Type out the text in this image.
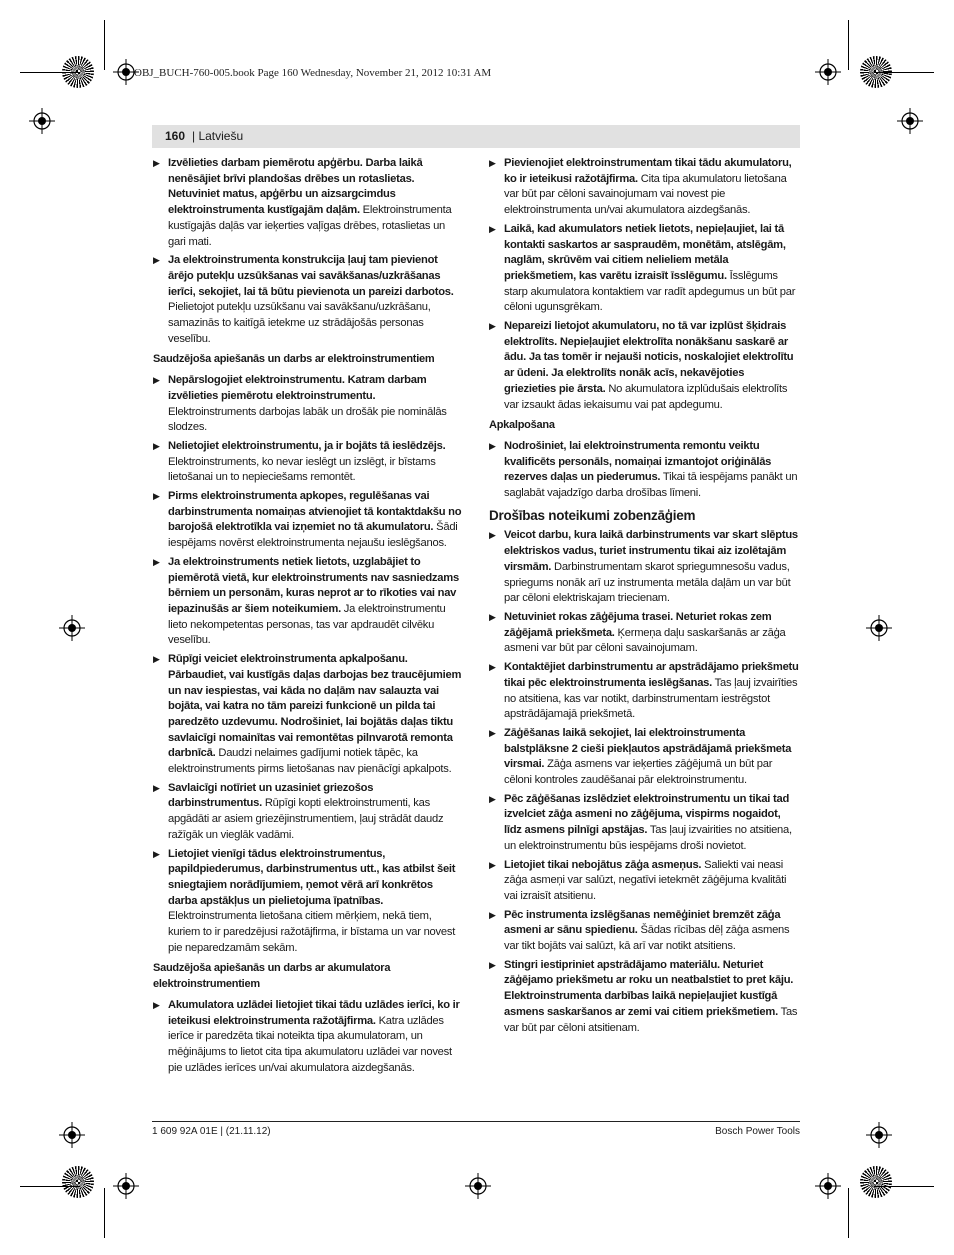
OBJ_BUCH-760-005.book Page 160 Wednesday, November 21, 2012 10:31 AM
160 | Latviešu
▶ Izvēlieties darbam piemērotu apģērbu. Darba laikā nenēsājiet brīvi plandošas drēbes un rotaslietas. Netuviniet matus, apģērbu un aizsargcimdus elektroinstrumenta kustīgajām daļām. Elektroinstrumenta kustīgajās daļās var ieķerties vaļīgas drēbes, rotaslietas un gari mati.
▶ Ja elektroinstrumenta konstrukcija ļauj tam pievienot ārējo putekļu uzsūkšanas vai savākšanas/uzkrāšanas ierīci, sekojiet, lai tā būtu pievienota un pareizi darbotos. Pielietojot putekļu uzsūkšanu vai savākšanu/uzkrāšanu, samazinās to kaitīgā ietekme uz strādājošās personas veselību.
Saudzējoša apiešanās un darbs ar elektroinstrumentiem
▶ Nepārslogojiet elektroinstrumentu. Katram darbam izvēlieties piemērotu elektroinstrumentu. Elektroinstruments darbojas labāk un drošāk pie nominālās slodzes.
▶ Nelietojiet elektroinstrumentu, ja ir bojāts tā ieslēdzējs. Elektroinstruments, ko nevar ieslēgt un izslēgt, ir bīstams lietošanai un to nepieciešams remontēt.
▶ Pirms elektroinstrumenta apkopes, regulēšanas vai darbinstrumenta nomaiņas atvienojiet tā kontaktdakšu no barojošā elektrotīkla vai izņemiet no tā akumulatoru. Šādi iespējams novērst elektroinstrumenta nejaušu ieslēgšanos.
▶ Ja elektroinstruments netiek lietots, uzglabājiet to piemērotā vietā, kur elektroinstruments nav sasniedzams bērniem un personām, kuras neprot ar to rīkoties vai nav iepazinušās ar šiem noteikumiem. Ja elektroinstrumentu lieto nekompetentas personas, tas var apdraudēt cilvēku veselību.
▶ Rūpīgi veiciet elektroinstrumenta apkalpošanu. Pārbaudiet, vai kustīgās daļas darbojas bez traucējumiem un nav iespiestas, vai kāda no daļām nav salauzta vai bojāta, vai katra no tām pareizi funkcionē un pilda tai paredzēto uzdevumu. Nodrošiniet, lai bojātās daļas tiktu savlaicīgi nomainītas vai remontētas pilnvarotā remonta darbnīcā. Daudzi nelaimes gadījumi notiek tāpēc, ka elektroinstruments pirms lietošanas nav pienācīgi apkalpots.
▶ Savlaicīgi notīriet un uzasiniet griezošos darbinstrumentus. Rūpīgi kopti elektroinstrumenti, kas apgādāti ar asiem griezējinstrumentiem, ļauj strādāt daudz ražīgāk un vieglāk vadāmi.
▶ Lietojiet vienīgi tādus elektroinstrumentus, papildpiederumus, darbinstrumentus utt., kas atbilst šeit sniegtajiem norādījumiem, ņemot vērā arī konkrētos darba apstākļus un pielietojuma īpatnības. Elektroinstrumenta lietošana citiem mērķiem, nekā tiem, kuriem to ir paredzējusi ražotājfirma, ir bīstama un var novest pie neparedzamām sekām.
Saudzējoša apiešanās un darbs ar akumulatora elektroinstrumentiem
▶ Akumulatora uzlādei lietojiet tikai tādu uzlādes ierīci, ko ir ieteikusi elektroinstrumenta ražotājfirma. Katra uzlādes ierīce ir paredzēta tikai noteikta tipa akumulatoram, un mēģinājums to lietot cita tipa akumulatoru uzlādei var novest pie uzlādes ierīces un/vai akumulatora aizdegšanās.
▶ Pievienojiet elektroinstrumentam tikai tādu akumulatoru, ko ir ieteikusi ražotājfirma. Cita tipa akumulatoru lietošana var būt par cēloni savainojumam vai novest pie elektroinstrumenta un/vai akumulatora aizdegšanās.
▶ Laikā, kad akumulators netiek lietots, nepieļaujiet, lai tā kontakti saskartos ar saspraudēm, monētām, atslēgām, naglām, skrūvēm vai citiem nelieliem metāla priekšmetiem, kas varētu izraisīt īsslēgumu. Īsslēgums starp akumulatora kontaktiem var radīt apdegumus un būt par cēloni ugunsgrēkam.
▶ Nepareizi lietojot akumulatoru, no tā var izplūst šķidrais elektrolīts. Nepieļaujiet elektrolīta nonākšanu saskarē ar ādu. Ja tas tomēr ir nejauši noticis, noskalojiet elektrolītu ar ūdeni. Ja elektrolīts nonāk acīs, nekavējoties griezieties pie ārsta. No akumulatora izplūdušais elektrolīts var izsaukt ādas iekaisumu vai pat apdegumu.
Apkalpošana
▶ Nodrošiniet, lai elektroinstrumenta remontu veiktu kvalificēts personāls, nomaiņai izmantojot oriģinālās rezerves daļas un piederumus. Tikai tā iespējams panākt un saglabāt vajadzīgo darba drošības līmeni.
Drošības noteikumi zobenzāģiem
▶ Veicot darbu, kura laikā darbinstruments var skart slēptus elektriskos vadus, turiet instrumentu tikai aiz izolētajām virsmām. Darbinstrumentam skarot spriegumnesošu vadus, spriegums nonāk arī uz instrumenta metāla daļām un var būt par cēloni elektriskajam triecienam.
▶ Netuviniet rokas zāģējuma trasei. Neturiet rokas zem zāģējamā priekšmeta. Ķermeņa daļu saskaršanās ar zāģa asmeni var būt par cēloni savainojumam.
▶ Kontaktējiet darbinstrumentu ar apstrādājamo priekšmetu tikai pēc elektroinstrumenta ieslēgšanas. Tas ļauj izvairīties no atsitiena, kas var notikt, darbinstrumentam iestrēgstot apstrādājamajā priekšmetā.
▶ Zāģēšanas laikā sekojiet, lai elektroinstrumenta balstplāksne 2 cieši piekļautos apstrādājamā priekšmeta virsmai. Zāģa asmens var ieķerties zāģējumā un būt par cēloni kontroles zaudēšanai pār elektroinstrumentu.
▶ Pēc zāģēšanas izslēdziet elektroinstrumentu un tikai tad izvelciet zāģa asmeni no zāģējuma, vispirms nogaidot, līdz asmens pilnīgi apstājas. Tas ļauj izvairities no atsitiena, un elektroinstrumentu būs iespējams droši novietot.
▶ Lietojiet tikai nebojātus zāģa asmeņus. Saliekti vai neasi zāģa asmeņi var salūzt, negatīvi ietekmēt zāģējuma kvalitāti vai izraisīt atsitienu.
▶ Pēc instrumenta izslēgšanas nemēģiniet bremzēt zāģa asmeni ar sānu spiedienu. Šādas rīcības dēļ zāģa asmens var tikt bojāts vai salūzt, kā arī var notikt atsitiens.
▶ Stingri iestipriniet apstrādājamo materiālu. Neturiet zāģējamo priekšmetu ar roku un neatbalstiet to pret kāju. Elektroinstrumenta darbības laikā nepieļaujiet kustīgā asmens saskaršanos ar zemi vai citiem priekšmetiem. Tas var būt par cēloni atsitienam.
1 609 92A 01E | (21.11.12)	Bosch Power Tools
